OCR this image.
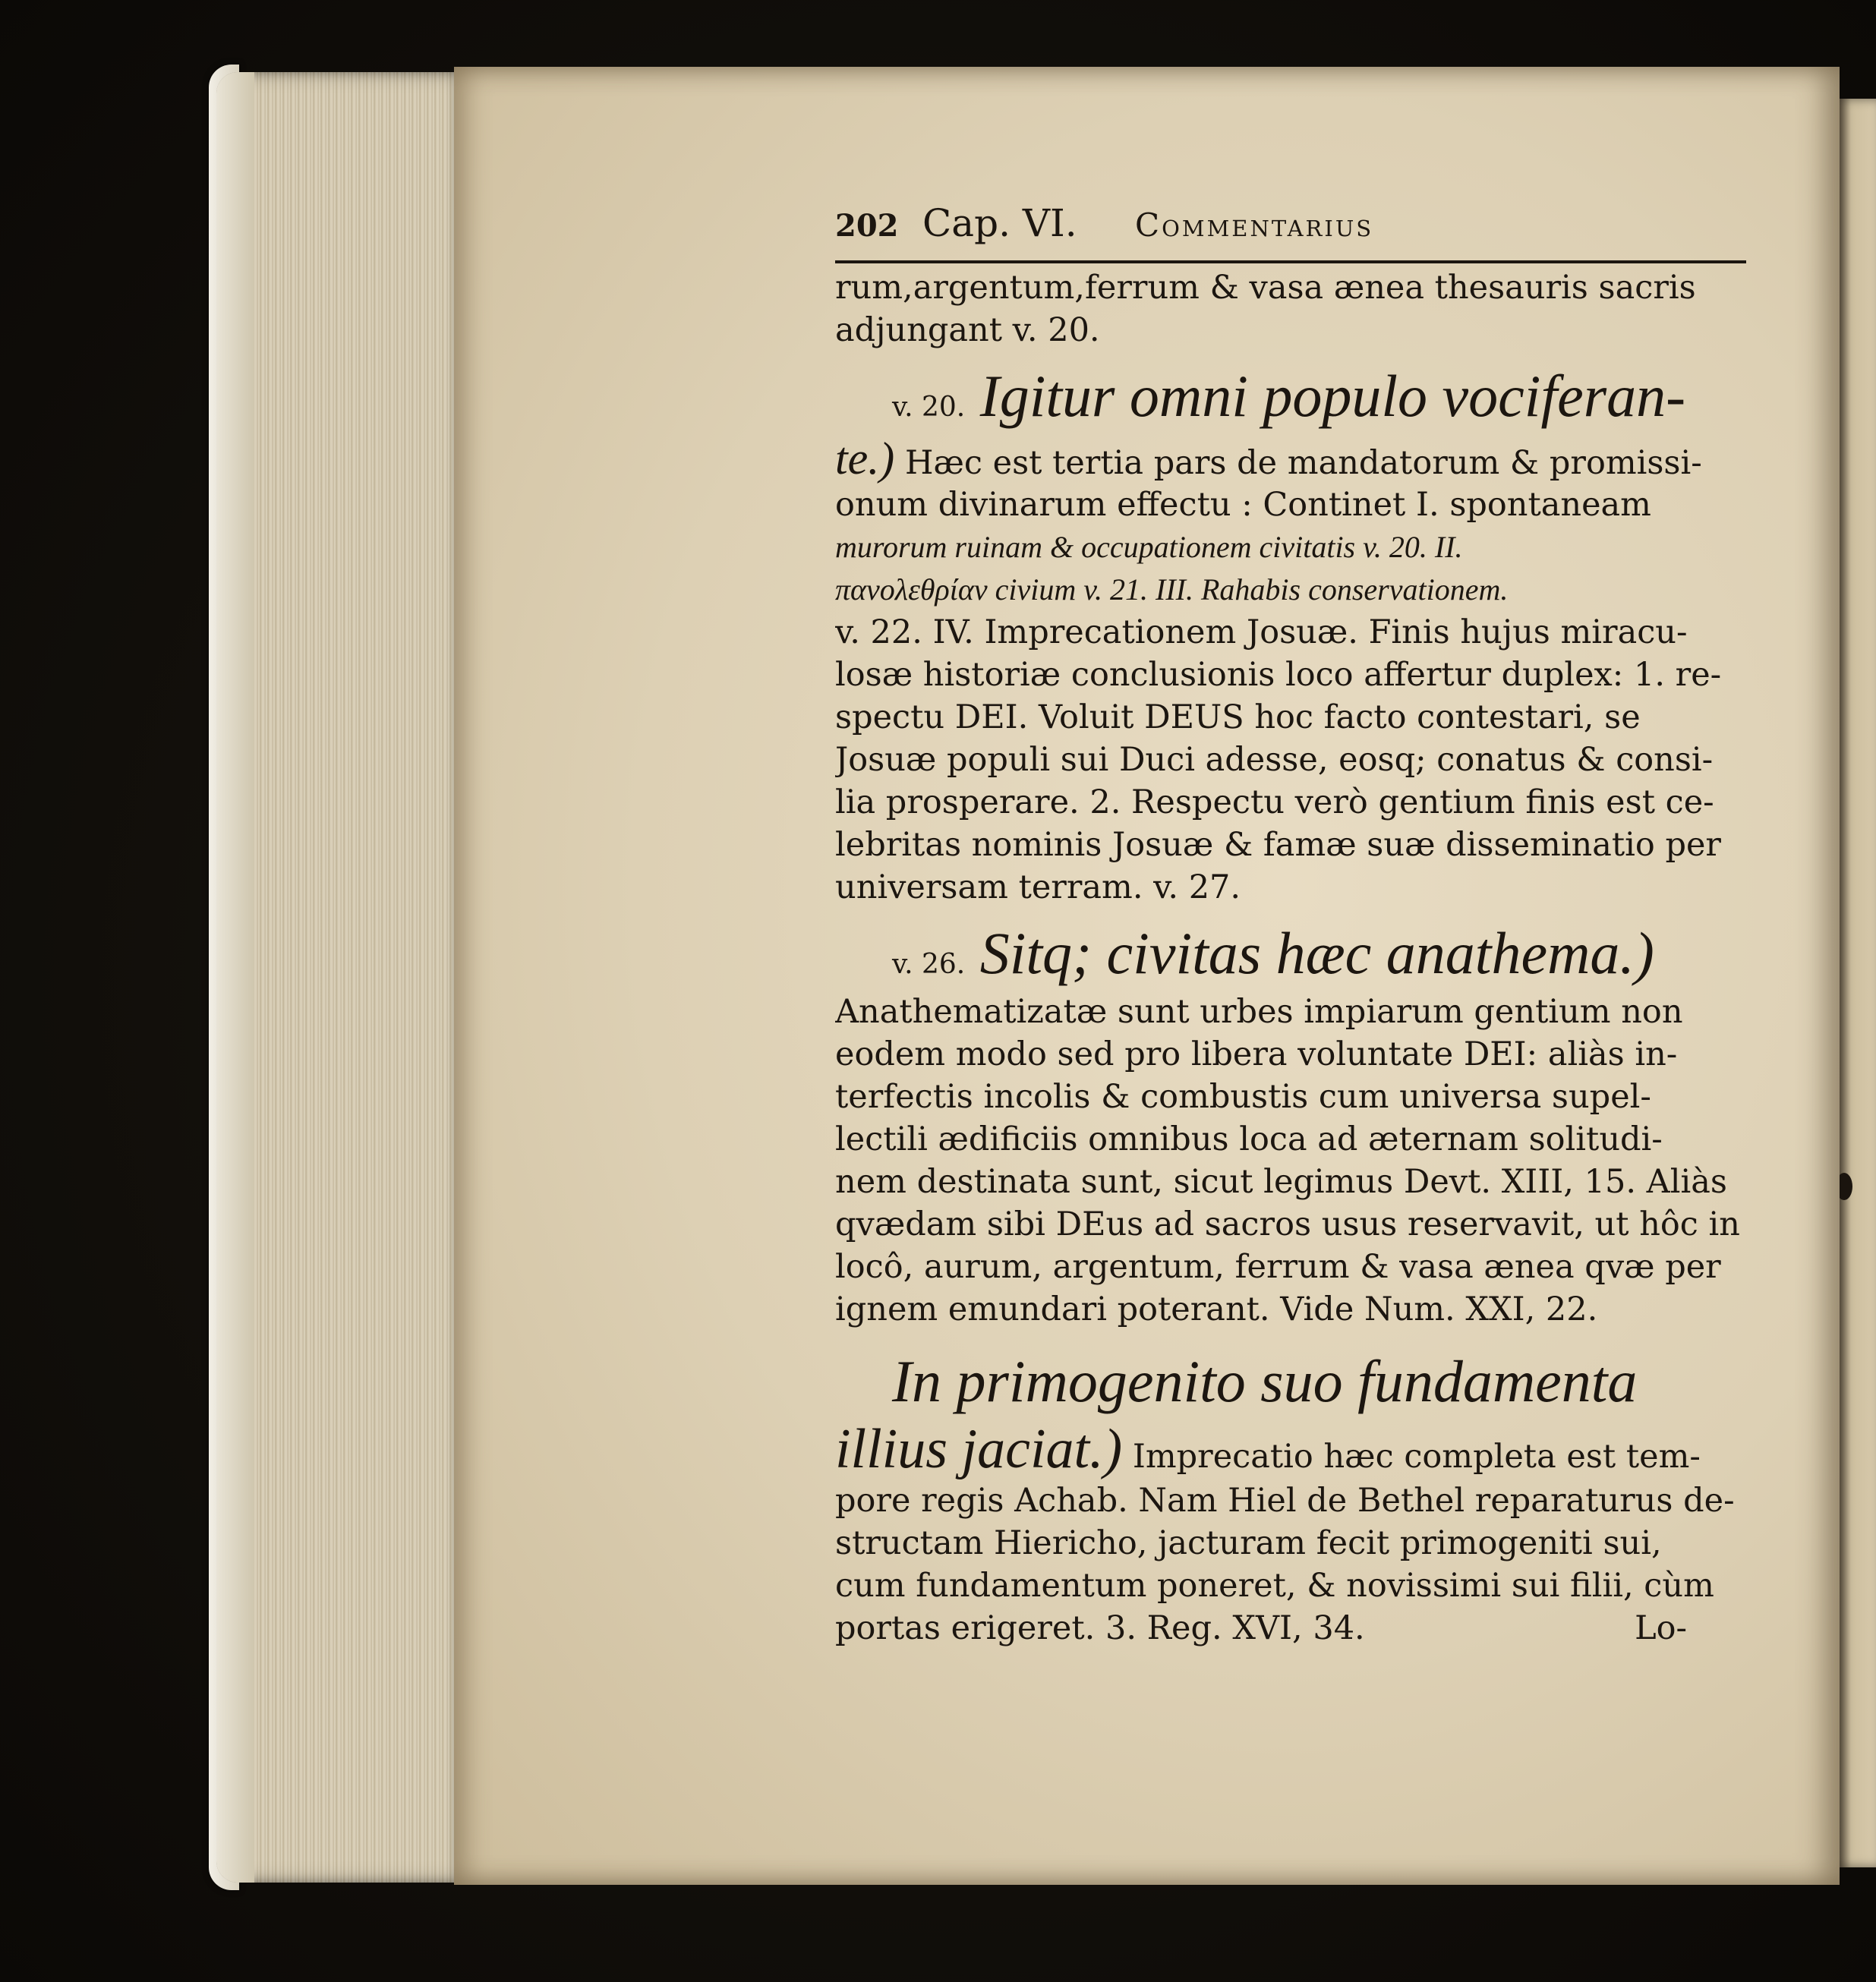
202 Cap. VI.	Commentarius
rum,argentum,ferrum & vasa ænea thesauris sacris
adjungant v. 20.
v. 20. Igitur omni populo vociferan-
te.) Hæc est tertia pars de mandatorum & promissi-
onum divinarum effectu : Continet I. spontaneam
murorum ruinam & occupationem civitatis v. 20. II.
πανολεθρίαν civium v. 21. III. Rahabis conservationem.
v. 22. IV. Imprecationem Josuæ. Finis hujus miracu-
losæ historiæ conclusionis loco affertur duplex: 1. re-
spectu DEI. Voluit DEUS hoc facto contestari, se
Josuæ populi sui Duci adesse, eosq; conatus & consi-
lia prosperare. 2. Respectu verò gentium finis est ce-
lebritas nominis Josuæ & famæ suæ disseminatio per
universam terram. v. 27.
v. 26. Sitq; civitas hæc anathema.)
Anathematizatæ sunt urbes impiarum gentium non
eodem modo sed pro libera voluntate DEI: aliàs in-
terfectis incolis & combustis cum universa supel-
lectili ædificiis omnibus loca ad æternam solitudi-
nem destinata sunt, sicut legimus Devt. XIII, 15. Aliàs
qvædam sibi DEus ad sacros usus reservavit, ut hôc in
locô, aurum, argentum, ferrum & vasa ænea qvæ per
ignem emundari poterant. Vide Num. XXI, 22.
In primogenito suo fundamenta
illius jaciat.) Imprecatio hæc completa est tem-
pore regis Achab. Nam Hiel de Bethel reparaturus de-
structam Hiericho, jacturam fecit primogeniti sui,
cum fundamentum poneret, & novissimi sui filii, cùm
portas erigeret. 3. Reg. XVI, 34.                          Lo-
